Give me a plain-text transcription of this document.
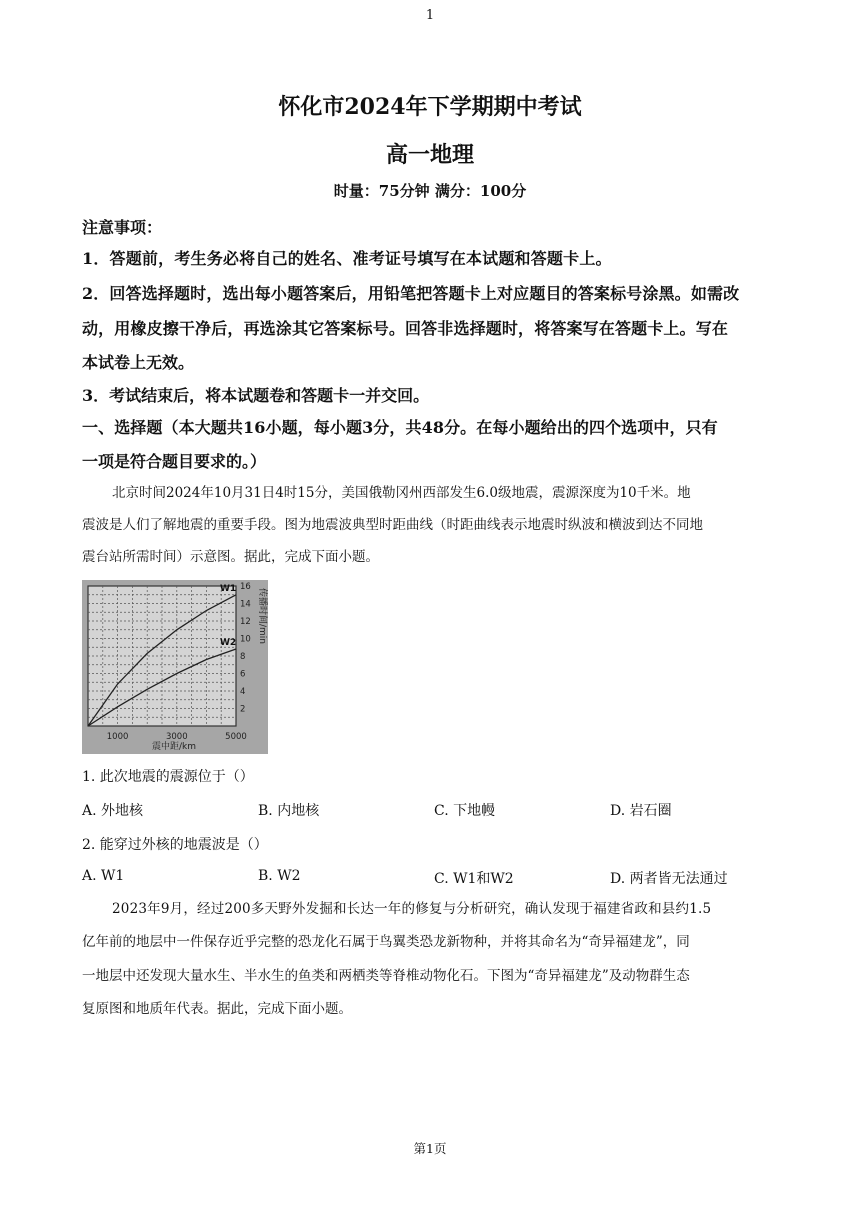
1
怀化市2024年下学期期中考试
高一地理
时量：75分钟 满分：100分
注意事项：
1．答题前，考生务必将自己的姓名、准考证号填写在本试题和答题卡上。
2．回答选择题时，选出每小题答案后，用铅笔把答题卡上对应题目的答案标号涂黑。如需改
动，用橡皮擦干净后，再选涂其它答案标号。回答非选择题时，将答案写在答题卡上。写在
本试卷上无效。
3．考试结束后，将本试题卷和答题卡一并交回。
一、选择题（本大题共16小题，每小题3分，共48分。在每小题给出的四个选项中，只有
一项是符合题目要求的。）
北京时间2024年10月31日4时15分，美国俄勒冈州西部发生6.0级地震，震源深度为10千米。地
震波是人们了解地震的重要手段。图为地震波典型时距曲线（时距曲线表示地震时纵波和横波到达不同地
震台站所需时间）示意图。据此，完成下面小题。
2
4
6
8
10
12
14
16
1000	3000	5000
W1
W2 传播时间/min
震中距/km
1. 此次地震的震源位于（）
A. 外地核	B. 内地核	C. 下地幔	D. 岩石圈
2. 能穿过外核的地震波是（）
A. W1	B. W2	C. W1和W2	D. 两者皆无法通过
2023年9月，经过200多天野外发掘和长达一年的修复与分析研究，确认发现于福建省政和县约1.5
亿年前的地层中一件保存近乎完整的恐龙化石属于鸟翼类恐龙新物种，并将其命名为“奇异福建龙”，同
一地层中还发现大量水生、半水生的鱼类和两栖类等脊椎动物化石。下图为“奇异福建龙”及动物群生态
复原图和地质年代表。据此，完成下面小题。
第1页
